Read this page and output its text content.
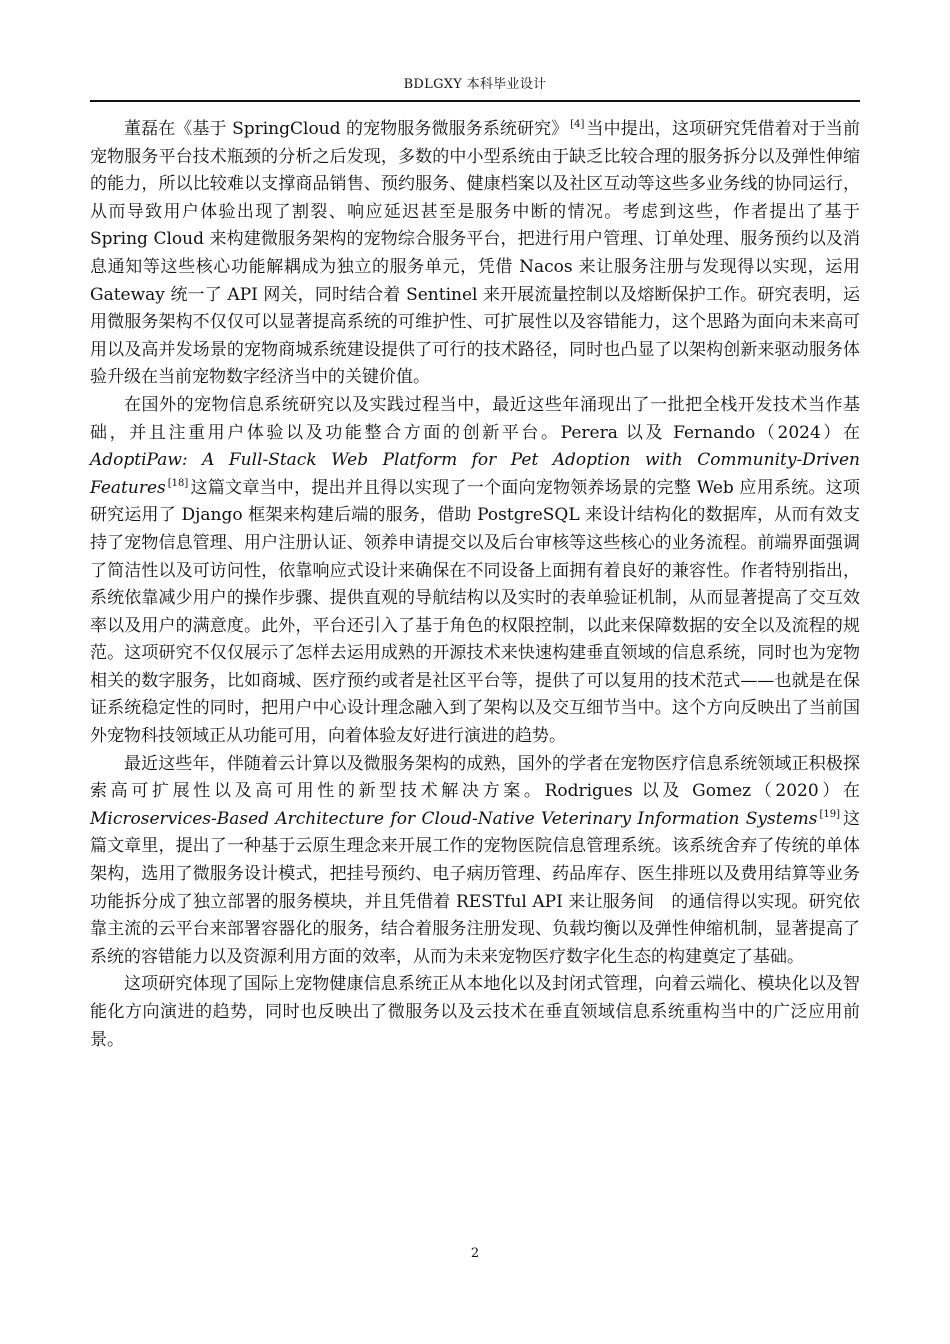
BDLGXY 本科毕业设计

董磊在《基于 SpringCloud 的宠物服务微服务系统研究》 [4] 当中提出，这项研究凭借着对于当前宠物服务平台技术瓶颈的分析之后发现，多数的中小型系统由于缺乏比较合理的服务拆分以及弹性伸缩的能力，所以比较难以支撑商品销售、预约服务、健康档案以及社区互动等这些多业务线的协同运行，从而导致用户体验出现了割裂、响应延迟甚至是服务中断的情况。考虑到这些，作者提出了基于 Spring Cloud 来构建微服务架构的宠物综合服务平台，把进行用户管理、订单处理、服务预约以及消息通知等这些核心功能解耦成为独立的服务单元，凭借 Nacos 来让服务注册与发现得以实现，运用 Gateway 统一了 API 网关，同时结合着 Sentinel 来开展流量控制以及熔断保护工作。研究表明，运用微服务架构不仅仅可以显著提高系统的可维护性、可扩展性以及容错能力，这个思路为面向未来高可用以及高并发场景的宠物商城系统建设提供了可行的技术路径，同时也凸显了以架构创新来驱动服务体验升级在当前宠物数字经济当中的关键价值。

在国外的宠物信息系统研究以及实践过程当中，最近这些年涌现出了一批把全栈开发技术当作基础，并且注重用户体验以及功能整合方面的创新平台。Perera 以及 Fernando（2024）在 AdoptiPaw: A Full-Stack Web Platform for Pet Adoption with Community-Driven Features [18] 这篇文章当中，提出并且得以实现了一个面向宠物领养场景的完整 Web 应用系统。这项研究运用了 Django 框架来构建后端的服务，借助 PostgreSQL 来设计结构化的数据库，从而有效支持了宠物信息管理、用户注册认证、领养申请提交以及后台审核等这些核心的业务流程。前端界面强调了简洁性以及可访问性，依靠响应式设计来确保在不同设备上面拥有着良好的兼容性。作者特别指出，系统依靠减少用户的操作步骤、提供直观的导航结构以及实时的表单验证机制，从而显著提高了交互效率以及用户的满意度。此外，平台还引入了基于角色的权限控制，以此来保障数据的安全以及流程的规范。这项研究不仅仅展示了怎样去运用成熟的开源技术来快速构建垂直领域的信息系统，同时也为宠物相关的数字服务，比如商城、医疗预约或者是社区平台等，提供了可以复用的技术范式——也就是在保证系统稳定性的同时，把用户中心设计理念融入到了架构以及交互细节当中。这个方向反映出了当前国外宠物科技领域正从功能可用，向着体验友好进行演进的趋势。

最近这些年，伴随着云计算以及微服务架构的成熟，国外的学者在宠物医疗信息系统领域正积极探索高可扩展性以及高可用性的新型技术解决方案。Rodrigues 以及 Gomez（2020）在 Microservices-Based Architecture for Cloud-Native Veterinary Information Systems [19] 这篇文章里，提出了一种基于云原生理念来开展工作的宠物医院信息管理系统。该系统舍弃了传统的单体架构，选用了微服务设计模式，把挂号预约、电子病历管理、药品库存、医生排班以及费用结算等业务功能拆分成了独立部署的服务模块，并且凭借着 RESTful API 来让服务间　的通信得以实现。研究依靠主流的云平台来部署容器化的服务，结合着服务注册发现、负载均衡以及弹性伸缩机制，显著提高了系统的容错能力以及资源利用方面的效率，从而为未来宠物医疗数字化生态的构建奠定了基础。

这项研究体现了国际上宠物健康信息系统正从本地化以及封闭式管理，向着云端化、模块化以及智能化方向演进的趋势，同时也反映出了微服务以及云技术在垂直领域信息系统重构当中的广泛应用前景。

2
